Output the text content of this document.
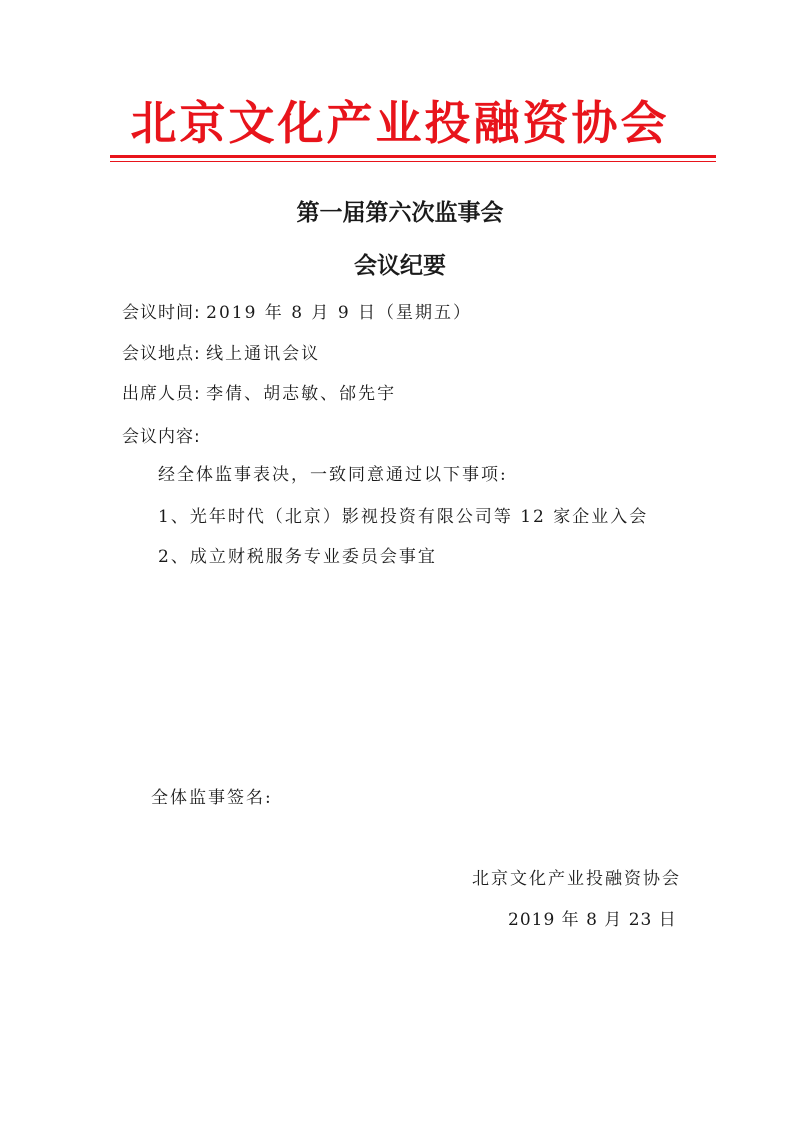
北京文化产业投融资协会
第一届第六次监事会
会议纪要
会议时间: 2019 年 8 月 9 日（星期五）
会议地点: 线上通讯会议
出席人员: 李倩、胡志敏、邰先宇
会议内容:
经全体监事表决，一致同意通过以下事项:
1、光年时代（北京）影视投资有限公司等 12 家企业入会
2、成立财税服务专业委员会事宜
全体监事签名:
北京文化产业投融资协会
2019 年 8 月 23 日
